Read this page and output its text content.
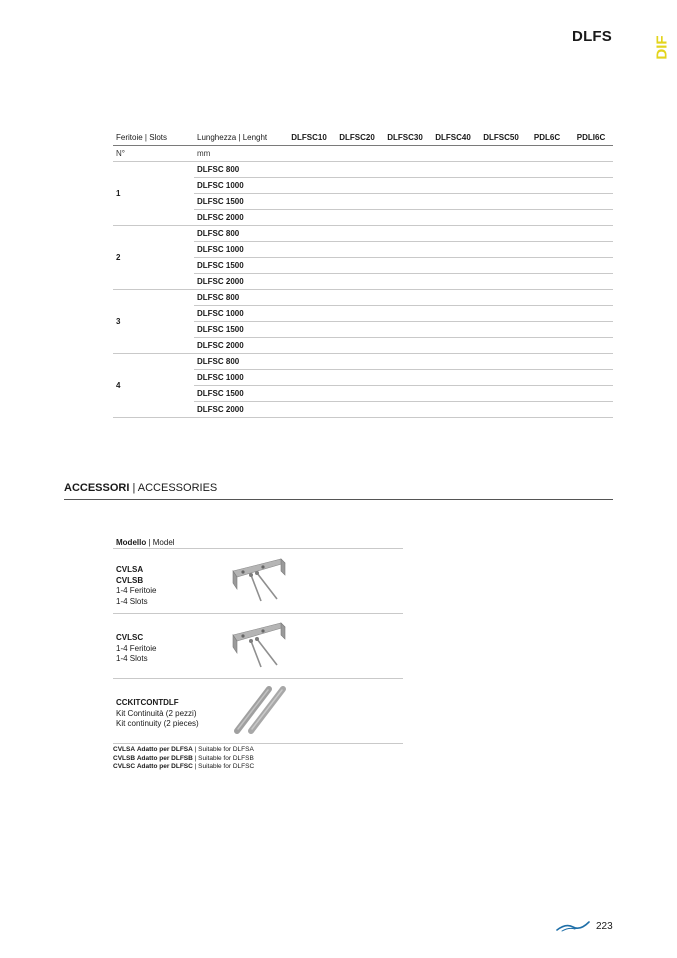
DLFS	DIF
Feritoie | Slots	Lunghezza | Lenght	DLFSC10	DLFSC20	DLFSC30	DLFSC40	DLFSC50	PDL6C	PDLI6C
N°	mm							
1	DLFSC 800							
	DLFSC 1000							
	DLFSC 1500							
	DLFSC 2000							
2	DLFSC 800							
	DLFSC 1000							
	DLFSC 1500							
	DLFSC 2000							
3	DLFSC 800							
	DLFSC 1000							
	DLFSC 1500							
	DLFSC 2000							
4	DLFSC 800							
	DLFSC 1000							
	DLFSC 1500							
	DLFSC 2000							
ACCESSORI | ACCESSORIES
Modello | Model
CVLSA
CVLSB
1-4 Feritoie
1-4 Slots
CVLSC
1-4 Feritoie
1-4 Slots
CCKITCONTDLF
Kit Continuità (2 pezzi)
Kit continuity (2 pieces)
CVLSA Adatto per DLFSA | Suitable for DLFSA
CVLSB Adatto per DLFSB | Suitable for DLFSB
CVLSC Adatto per DLFSC | Suitable for DLFSC
223
